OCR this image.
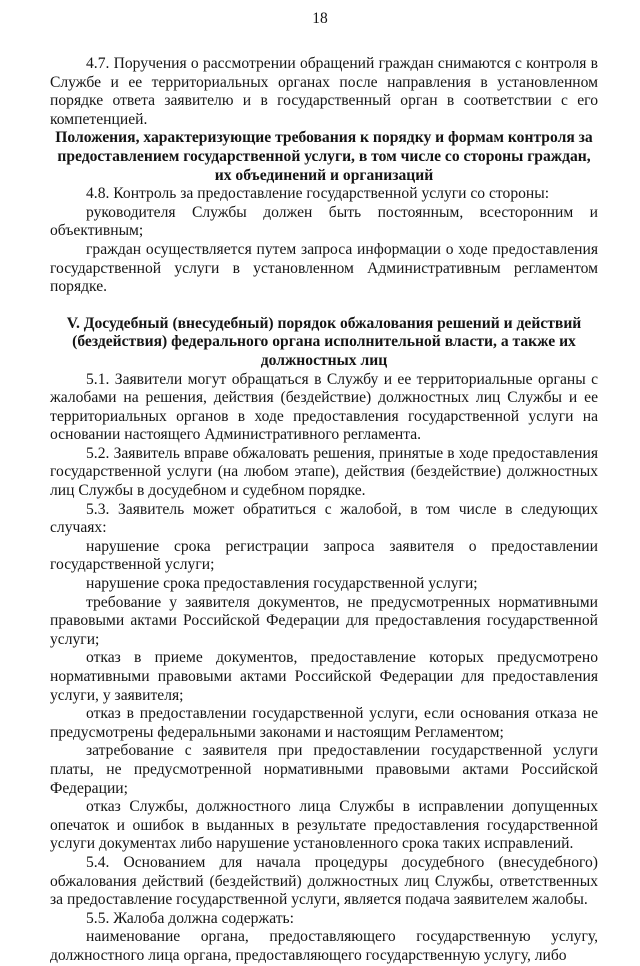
18

4.7. Поручения о рассмотрении обращений граждан снимаются с контроля в Службе и ее территориальных органах после направления в установленном порядке ответа заявителю и в государственный орган в соответствии с его компетенцией.

Положения, характеризующие требования к порядку и формам контроля за предоставлением государственной услуги, в том числе со стороны граждан, их объединений и организаций

4.8. Контроль за предоставление государственной услуги со стороны:

руководителя Службы должен быть постоянным, всесторонним и объективным;

граждан осуществляется путем запроса информации о ходе предоставления государственной услуги в установленном Административным регламентом порядке.

V. Досудебный (внесудебный) порядок обжалования решений и действий (бездействия) федерального органа исполнительной власти, а также их должностных лиц

5.1. Заявители могут обращаться в Службу и ее территориальные органы с жалобами на решения, действия (бездействие) должностных лиц Службы и ее территориальных органов в ходе предоставления государственной услуги на основании настоящего Административного регламента.

5.2. Заявитель вправе обжаловать решения, принятые в ходе предоставления государственной услуги (на любом этапе), действия (бездействие) должностных лиц Службы в досудебном и судебном порядке.

5.3. Заявитель может обратиться с жалобой, в том числе в следующих случаях:

нарушение срока регистрации запроса заявителя о предоставлении государственной услуги;

нарушение срока предоставления государственной услуги;

требование у заявителя документов, не предусмотренных нормативными правовыми актами Российской Федерации для предоставления государственной услуги;

отказ в приеме документов, предоставление которых предусмотрено нормативными правовыми актами Российской Федерации для предоставления услуги, у заявителя;

отказ в предоставлении государственной услуги, если основания отказа не предусмотрены федеральными законами и настоящим Регламентом;

затребование с заявителя при предоставлении государственной услуги платы, не предусмотренной нормативными правовыми актами Российской Федерации;

отказ Службы, должностного лица Службы в исправлении допущенных опечаток и ошибок в выданных в результате предоставления государственной услуги документах либо нарушение установленного срока таких исправлений.

5.4. Основанием для начала процедуры досудебного (внесудебного) обжалования действий (бездействий) должностных лиц Службы, ответственных за предоставление государственной услуги, является подача заявителем жалобы.

5.5. Жалоба должна содержать:

наименование органа, предоставляющего государственную услугу, должностного лица органа, предоставляющего государственную услугу, либо
